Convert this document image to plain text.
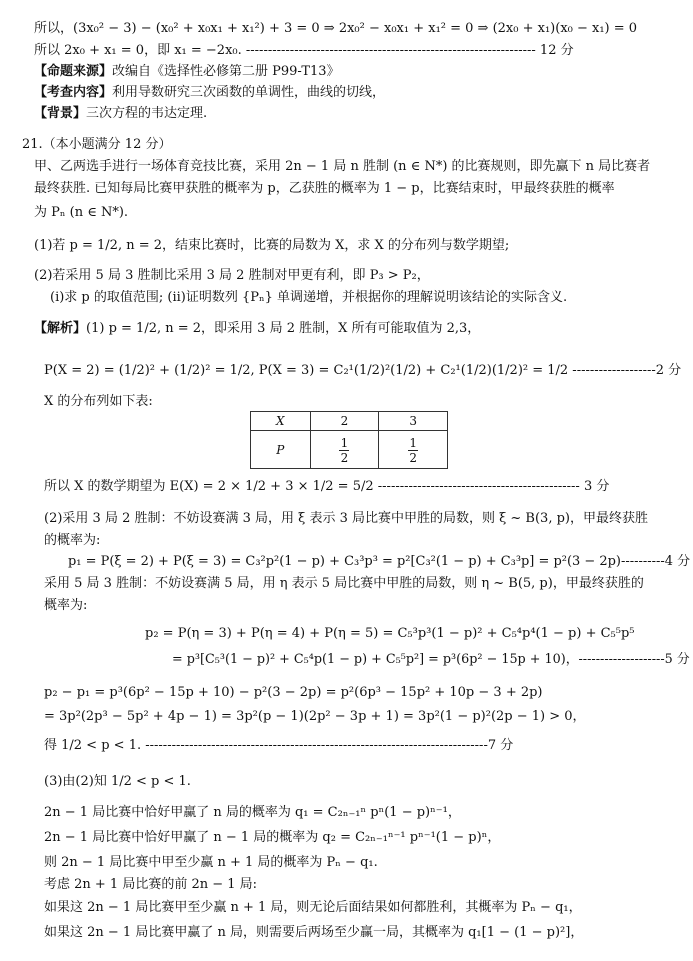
所以，(3x₀² − 3) − (x₀² + x₀x₁ + x₁²) + 3 = 0 ⇒ 2x₀² − x₀x₁ + x₁² = 0 ⇒ (2x₀ + x₁)(x₀ − x₁) = 0
所以 2x₀ + x₁ = 0，即 x₁ = −2x₀. ------------------------------------------------------------------ 12 分
【命题来源】改编自《选择性必修第二册 P99-T13》
【考查内容】利用导数研究三次函数的单调性，曲线的切线，
【背景】三次方程的韦达定理.
21.（本小题满分 12 分）
甲、乙两选手进行一场体育竞技比赛，采用 2n − 1 局 n 胜制 (n ∈ N*) 的比赛规则，即先赢下 n 局比赛者
最终获胜. 已知每局比赛甲获胜的概率为 p，乙获胜的概率为 1 − p，比赛结束时，甲最终获胜的概率
为 Pₙ (n ∈ N*).
(1)若 p = 1/2, n = 2，结束比赛时，比赛的局数为 X，求 X 的分布列与数学期望;
(2)若采用 5 局 3 胜制比采用 3 局 2 胜制对甲更有利，即 P₃ > P₂，
(i)求 p 的取值范围; (ii)证明数列 {Pₙ} 单调递增，并根据你的理解说明该结论的实际含义.
【解析】(1) p = 1/2, n = 2，即采用 3 局 2 胜制，X 所有可能取值为 2,3，
P(X = 2) = (1/2)² + (1/2)² = 1/2, P(X = 3) = C₂¹(1/2)²(1/2) + C₂¹(1/2)(1/2)² = 1/2 -------------------2 分
X 的分布列如下表:
X	2	3
P	$\frac{1}{2}$	$\frac{1}{2}$
所以 X 的数学期望为 E(X) = 2 × 1/2 + 3 × 1/2 = 5/2 ---------------------------------------------- 3 分
(2)采用 3 局 2 胜制：不妨设赛满 3 局，用 ξ 表示 3 局比赛中甲胜的局数，则 ξ ~ B(3, p)，甲最终获胜
的概率为:
p₁ = P(ξ = 2) + P(ξ = 3) = C₃²p²(1 − p) + C₃³p³ = p²[C₃²(1 − p) + C₃³p] = p²(3 − 2p)----------4 分
采用 5 局 3 胜制：不妨设赛满 5 局，用 η 表示 5 局比赛中甲胜的局数，则 η ~ B(5, p)，甲最终获胜的
概率为:
p₂ = P(η = 3) + P(η = 4) + P(η = 5) = C₅³p³(1 − p)² + C₅⁴p⁴(1 − p) + C₅⁵p⁵
= p³[C₅³(1 − p)² + C₅⁴p(1 − p) + C₅⁵p²] = p³(6p² − 15p + 10)，--------------------5 分
p₂ − p₁ = p³(6p² − 15p + 10) − p²(3 − 2p) = p²(6p³ − 15p² + 10p − 3 + 2p)
= 3p²(2p³ − 5p² + 4p − 1) = 3p²(p − 1)(2p² − 3p + 1) = 3p²(1 − p)²(2p − 1) > 0，
得 1/2 < p < 1. ------------------------------------------------------------------------------7 分
(3)由(2)知 1/2 < p < 1.
2n − 1 局比赛中恰好甲赢了 n 局的概率为 q₁ = C₂ₙ₋₁ⁿ pⁿ(1 − p)ⁿ⁻¹，
2n − 1 局比赛中恰好甲赢了 n − 1 局的概率为 q₂ = C₂ₙ₋₁ⁿ⁻¹ pⁿ⁻¹(1 − p)ⁿ，
则 2n − 1 局比赛中甲至少赢 n + 1 局的概率为 Pₙ − q₁.
考虑 2n + 1 局比赛的前 2n − 1 局:
如果这 2n − 1 局比赛甲至少赢 n + 1 局，则无论后面结果如何都胜利，其概率为 Pₙ − q₁，
如果这 2n − 1 局比赛甲赢了 n 局，则需要后两场至少赢一局，其概率为 q₁[1 − (1 − p)²]，
